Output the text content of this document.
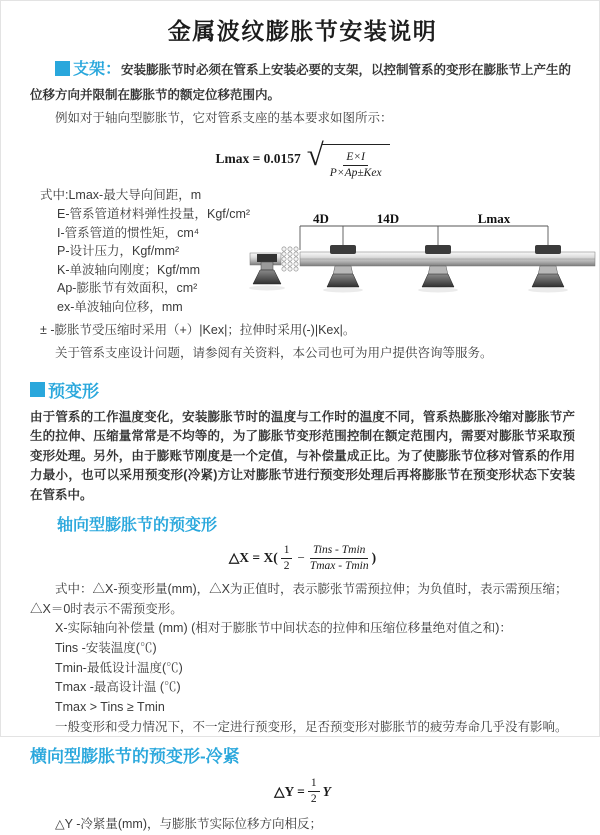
金属波纹膨胀节安装说明

支架：安装膨胀节时必须在管系上安装必要的支架，以控制管系的变形在膨胀节上产生的位移方向并限制在膨胀节的额定位移范围内。

例如对于轴向型膨胀节，它对管系支座的基本要求如图所示：

Lmax = 0.0157 √ $\frac{E\times I}{\text{P×Ap±Kex}}$
式中:Lmax-最大导向间距，m
E-管系管道材料弹性投量，Kgf/cm²
I-管系管道的惯性矩，cm⁴
P-设计压力，Kgf/mm²
K-单波轴向刚度；Kgf/mm
Ap-膨胀节有效面积，cm²
ex-单波轴向位移，mm
4D	14D	Lmax

± -膨胀节受压缩时采用（+）|Kex|；拉伸时采用(-)|Kex|。

关于管系支座设计问题，请参阅有关资料，本公司也可为用户提供咨询等服务。

预变形

由于管系的工作温度变化，安装膨胀节时的温度与工作时的温度不同，管系热膨胀冷缩对膨胀节产生的拉伸、压缩量常常是不均等的，为了膨胀节变形范围控制在额定范围内，需要对膨胀节采取预变形处理。另外，由于膨账节刚度是一个定值，与补偿量成正比。为了使膨胀节位移对管系的作用力最小，也可以采用预变形(冷紧)方让对膨胀节进行预变形处理后再将膨胀节在预变形状态下安装在管系中。

轴向型膨胀节的预变形
△X = $X( \frac{1}{2} - \frac{\text{Tins - Tmin}}{Tmax - Tmin}$ )

式中：△X-预变形量(mm)，△X为正值时，表示膨张节需预拉伸；为负值时，表示需预压缩；△X＝0时表示不需预变形。

X-实际轴向补偿量 (mm) (相对于膨胀节中间状态的拉伸和压缩位移量绝对值之和)：

Tins -安装温度(℃)

Tmin-最低设计温度(℃)

Tmax -最高设计温 (℃)

Tmax > Tins ≥ Tmin

一般变形和受力情况下，不一定进行预变形，足否预变形对膨胀节的疲劳寿命几乎没有影响。

横向型膨胀节的预变形-冷紧
△Y = $\frac{1}{2}$ Y

△Y -冷紧量(mm)，与膨胀节实际位移方向相反；
